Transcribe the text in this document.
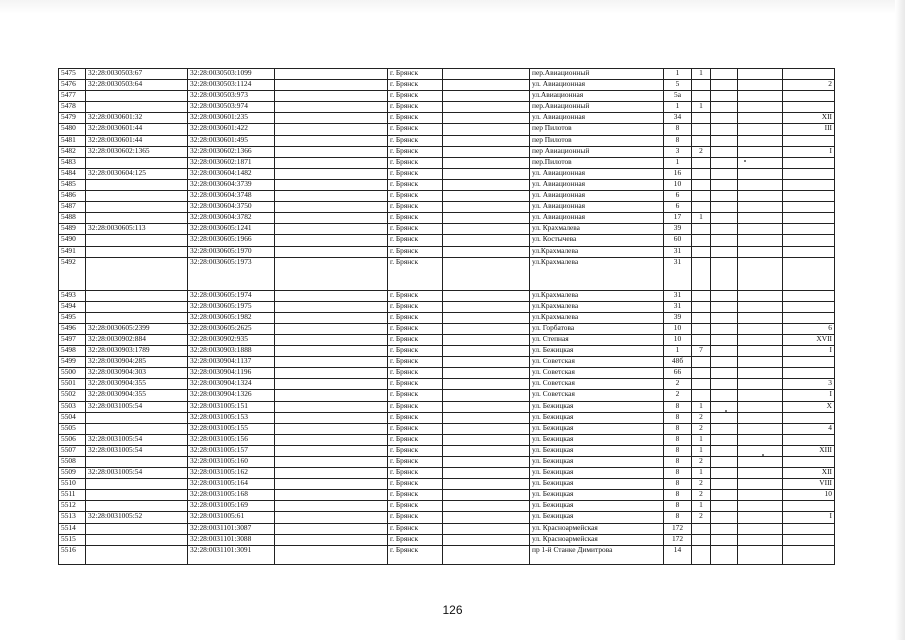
5475	32:28:0030503:67	32:28:0030503:1099		г. Брянск		пер.Авиационный	1	1			
5476	32:28:0030503:64	32:28:0030503:1124		г. Брянск		ул. Авиационная	5				2
5477		32:28:0030503:973		г. Брянск		ул.Авиационная	5а				
5478		32:28:0030503:974		г. Брянск		пер.Авиационный	1	1			
5479	32:28:0030601:32	32:28:0030601:235		г. Брянск		ул. Авиационная	34				XII
5480	32:28:0030601:44	32:28:0030601:422		г. Брянск		пер Пилотов	8				III
5481	32:28:0030601:44	32:28:0030601:495		г. Брянск		пер Пилотов	8				
5482	32:28:0030602:1365	32:28:0030602:1366		г. Брянск		пер Авиационный	3	2			I
5483		32:28:0030602:1871		г. Брянск		пер.Пилотов	1				
5484	32:28:0030604:125	32:28:0030604:1482		г. Брянск		ул. Авиационная	16				
5485		32:28:0030604:3739		г. Брянск		ул. Авиационная	10				
5486		32:28:0030604:3748		г. Брянск		ул. Авиационная	6				
5487		32:28:0030604:3750		г. Брянск		ул. Авиационная	6				
5488		32:28:0030604:3782		г. Брянск		ул. Авиационная	17	1			
5489	32:28:0030605:113	32:28:0030605:1241		г. Брянск		ул. Крахмалева	39				
5490		32:28:0030605:1966		г. Брянск		ул. Костычева	60				
5491		32:28:0030605:1970		г. Брянск		ул.Крахмалева	31				
5492		32:28:0030605:1973		г. Брянск		ул.Крахмалева	31				
5493		32:28:0030605:1974		г. Брянск		ул.Крахмалева	31				
5494		32:28:0030605:1975		г. Брянск		ул.Крахмалева	31				
5495		32:28:0030605:1982		г. Брянск		ул.Крахмалева	39				
5496	32:28:0030605:2399	32:28:0030605:2625		г. Брянск		ул. Горбатова	10				6
5497	32:28:0030902:884	32:28:0030902:935		г. Брянск		ул. Степная	10				XVII
5498	32:28:0030903:1789	32:28:0030903:1888		г. Брянск		ул. Бежицкая	1	7			I
5499	32:28:0030904:285	32:28:0030904:1137		г. Брянск		ул. Советская	48б				
5500	32:28:0030904:303	32:28:0030904:1196		г. Брянск		ул. Советская	66				
5501	32:28:0030904:355	32:28:0030904:1324		г. Брянск		ул. Советская	2				3
5502	32:28:0030904:355	32:28:0030904:1326		г. Брянск		ул. Советская	2				I
5503	32:28:0031005:54	32:28:0031005:151		г. Брянск		ул. Бежицкая	8	1			X
5504		32:28:0031005:153		г. Брянск		ул. Бежицкая	8	2			
5505		32:28:0031005:155		г. Брянск		ул. Бежицкая	8	2			4
5506	32:28:0031005:54	32:28:0031005:156		г. Брянск		ул. Бежицкая	8	1			
5507	32:28:0031005:54	32:28:0031005:157		г. Брянск		ул. Бежицкая	8	1			XIII
5508		32:28:0031005:160		г. Брянск		ул. Бежицкая	8	2			
5509	32:28:0031005:54	32:28:0031005:162		г. Брянск		ул. Бежицкая	8	1			XII
5510		32:28:0031005:164		г. Брянск		ул. Бежицкая	8	2			VIII
5511		32:28:0031005:168		г. Брянск		ул. Бежицкая	8	2			10
5512		32:28:0031005:169		г. Брянск		ул. Бежицкая	8	1			
5513	32:28:0031005:52	32:28:0031005:61		г. Брянск		ул. Бежицкая	8	2			I
5514		32:28:0031101:3087		г. Брянск		ул. Красноармейская	172				
5515		32:28:0031101:3088		г. Брянск		ул. Красноармейская	172				
5516		32:28:0031101:3091		г. Брянск		пр 1-й Станке Димитрова	14				
126
